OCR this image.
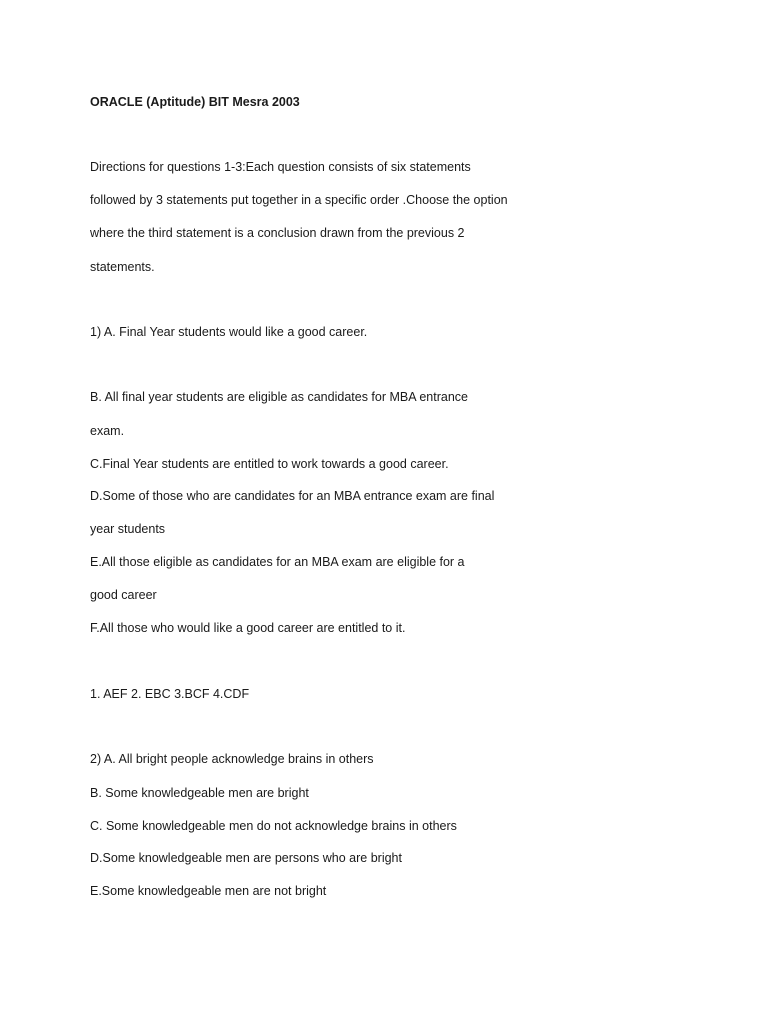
ORACLE (Aptitude) BIT Mesra 2003
Directions for questions 1-3:Each question consists of six statements
followed by 3 statements put together in a specific order .Choose the option
where the third statement is a conclusion drawn from the previous 2
statements.
1) A. Final Year students would like a good career.
B. All final year students are eligible as candidates for MBA entrance
exam.
C.Final Year students are entitled to work towards a good career.
D.Some of those who are candidates for an MBA entrance exam are final
year students
E.All those eligible as candidates for an MBA exam are eligible for a
good career
F.All those who would like a good career are entitled to it.
1. AEF 2. EBC 3.BCF 4.CDF
2) A. All bright people acknowledge brains in others
B. Some knowledgeable men are bright
C. Some knowledgeable men do not acknowledge brains in others
D.Some knowledgeable men are persons who are bright
E.Some knowledgeable men are not bright
